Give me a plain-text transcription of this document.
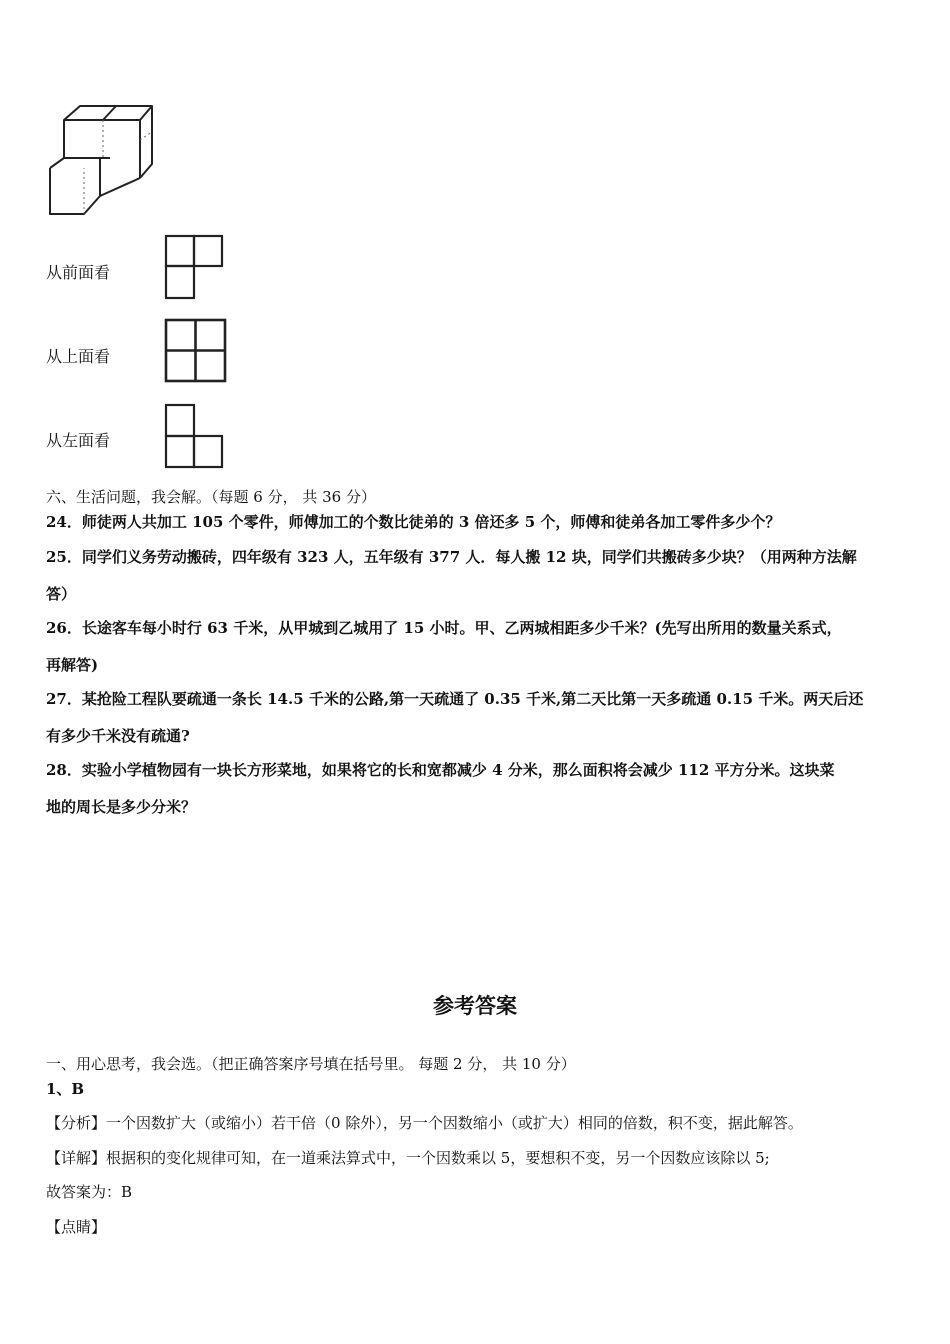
从前面看
从上面看
从左面看
六、生活问题，我会解。（每题 6 分， 共 36 分）
24．师徒两人共加工 105 个零件，师傅加工的个数比徒弟的 3 倍还多 5 个，师傅和徒弟各加工零件多少个？
25．同学们义务劳动搬砖，四年级有 323 人，五年级有 377 人．每人搬 12 块，同学们共搬砖多少块？（用两种方法解
答）
26．长途客车每小时行 63 千米，从甲城到乙城用了 15 小时。甲、乙两城相距多少千米？(先写出所用的数量关系式，
再解答)
27．某抢险工程队要疏通一条长 14.5 千米的公路,第一天疏通了 0.35 千米,第二天比第一天多疏通 0.15 千米。两天后还
有多少千米没有疏通?
28．实验小学植物园有一块长方形菜地，如果将它的长和宽都减少 4 分米，那么面积将会减少 112 平方分米。这块菜
地的周长是多少分米？
参考答案
一、用心思考，我会选。（把正确答案序号填在括号里。 每题 2 分， 共 10 分）
1、B
【分析】一个因数扩大（或缩小）若干倍（0 除外），另一个因数缩小（或扩大）相同的倍数，积不变，据此解答。
【详解】根据积的变化规律可知，在一道乘法算式中，一个因数乘以 5，要想积不变，另一个因数应该除以 5;
故答案为：B
【点睛】
